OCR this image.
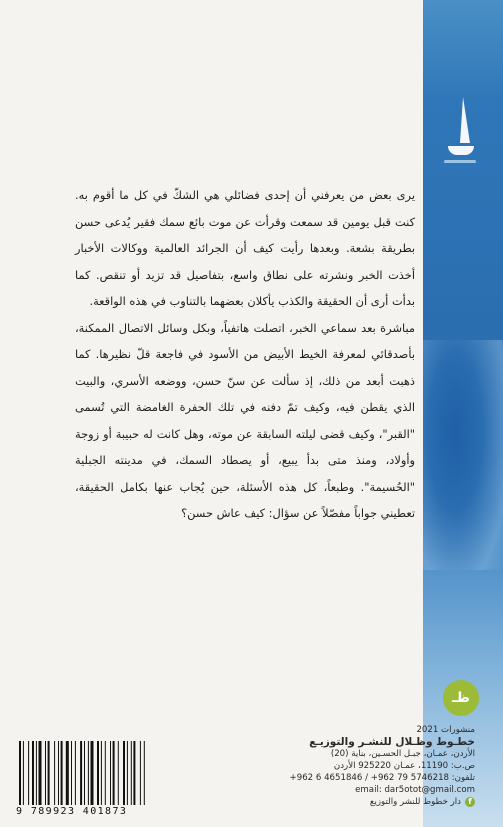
يرى بعض من يعرفني أن إحدى فضائلي هي الشكّ في كل ما أقوم به. كنت قبل يومين قد سمعت وقرأت عن موت بائع سمك فقير يُدعى حسن بطريقة بشعة. وبعدها رأيت كيف أن الجرائد العالمية ووكالات الأخبار أخذت الخبر ونشرته على نطاق واسع، بتفاصيل قد تزيد أو تنقص. كما بدأت أرى أن الحقيقة والكذب يأكلان بعضهما بالتناوب في هذه الواقعة.

مباشرة بعد سماعي الخبر، اتصلت هاتفياً، وبكل وسائل الاتصال الممكنة، بأصدقائي لمعرفة الخيط الأبيض من الأسود في فاجعة قلّ نظيرها. كما ذهبت أبعد من ذلك، إذ سألت عن سنّ حسن، ووضعه الأسري، والبيت الذي يقطن فيه، وكيف تمّ دفنه في تلك الحفرة الغامضة التي تُسمى "القبر"، وكيف قضى ليلته السابقة عن موته، وهل كانت له حبيبة أو زوجة وأولاد، ومنذ متى بدأ يبيع، أو يصطاد السمك، في مدينته الجبلية "الحُسيمة". وطبعاً، كل هذه الأسئلة، حين يُجاب عنها بكامل الحقيقة، تعطيني جواباً مفصّلاً عن سؤال: كيف عاش حسن؟

ظـ
منشورات 2021
خطـوط وظـلال للنشـر والتوزيـع
الأردن، عمـان، جبـل الحسـين، بناية (20)
ص.ب: 11190، عمـان 925220 الأردن
تلفون: 5746218 79 962+ / 4651846 6 962+
email: dar5otot@gmail.com
f
دار خطوط للنشر والتوزيع
9 789923 401873
